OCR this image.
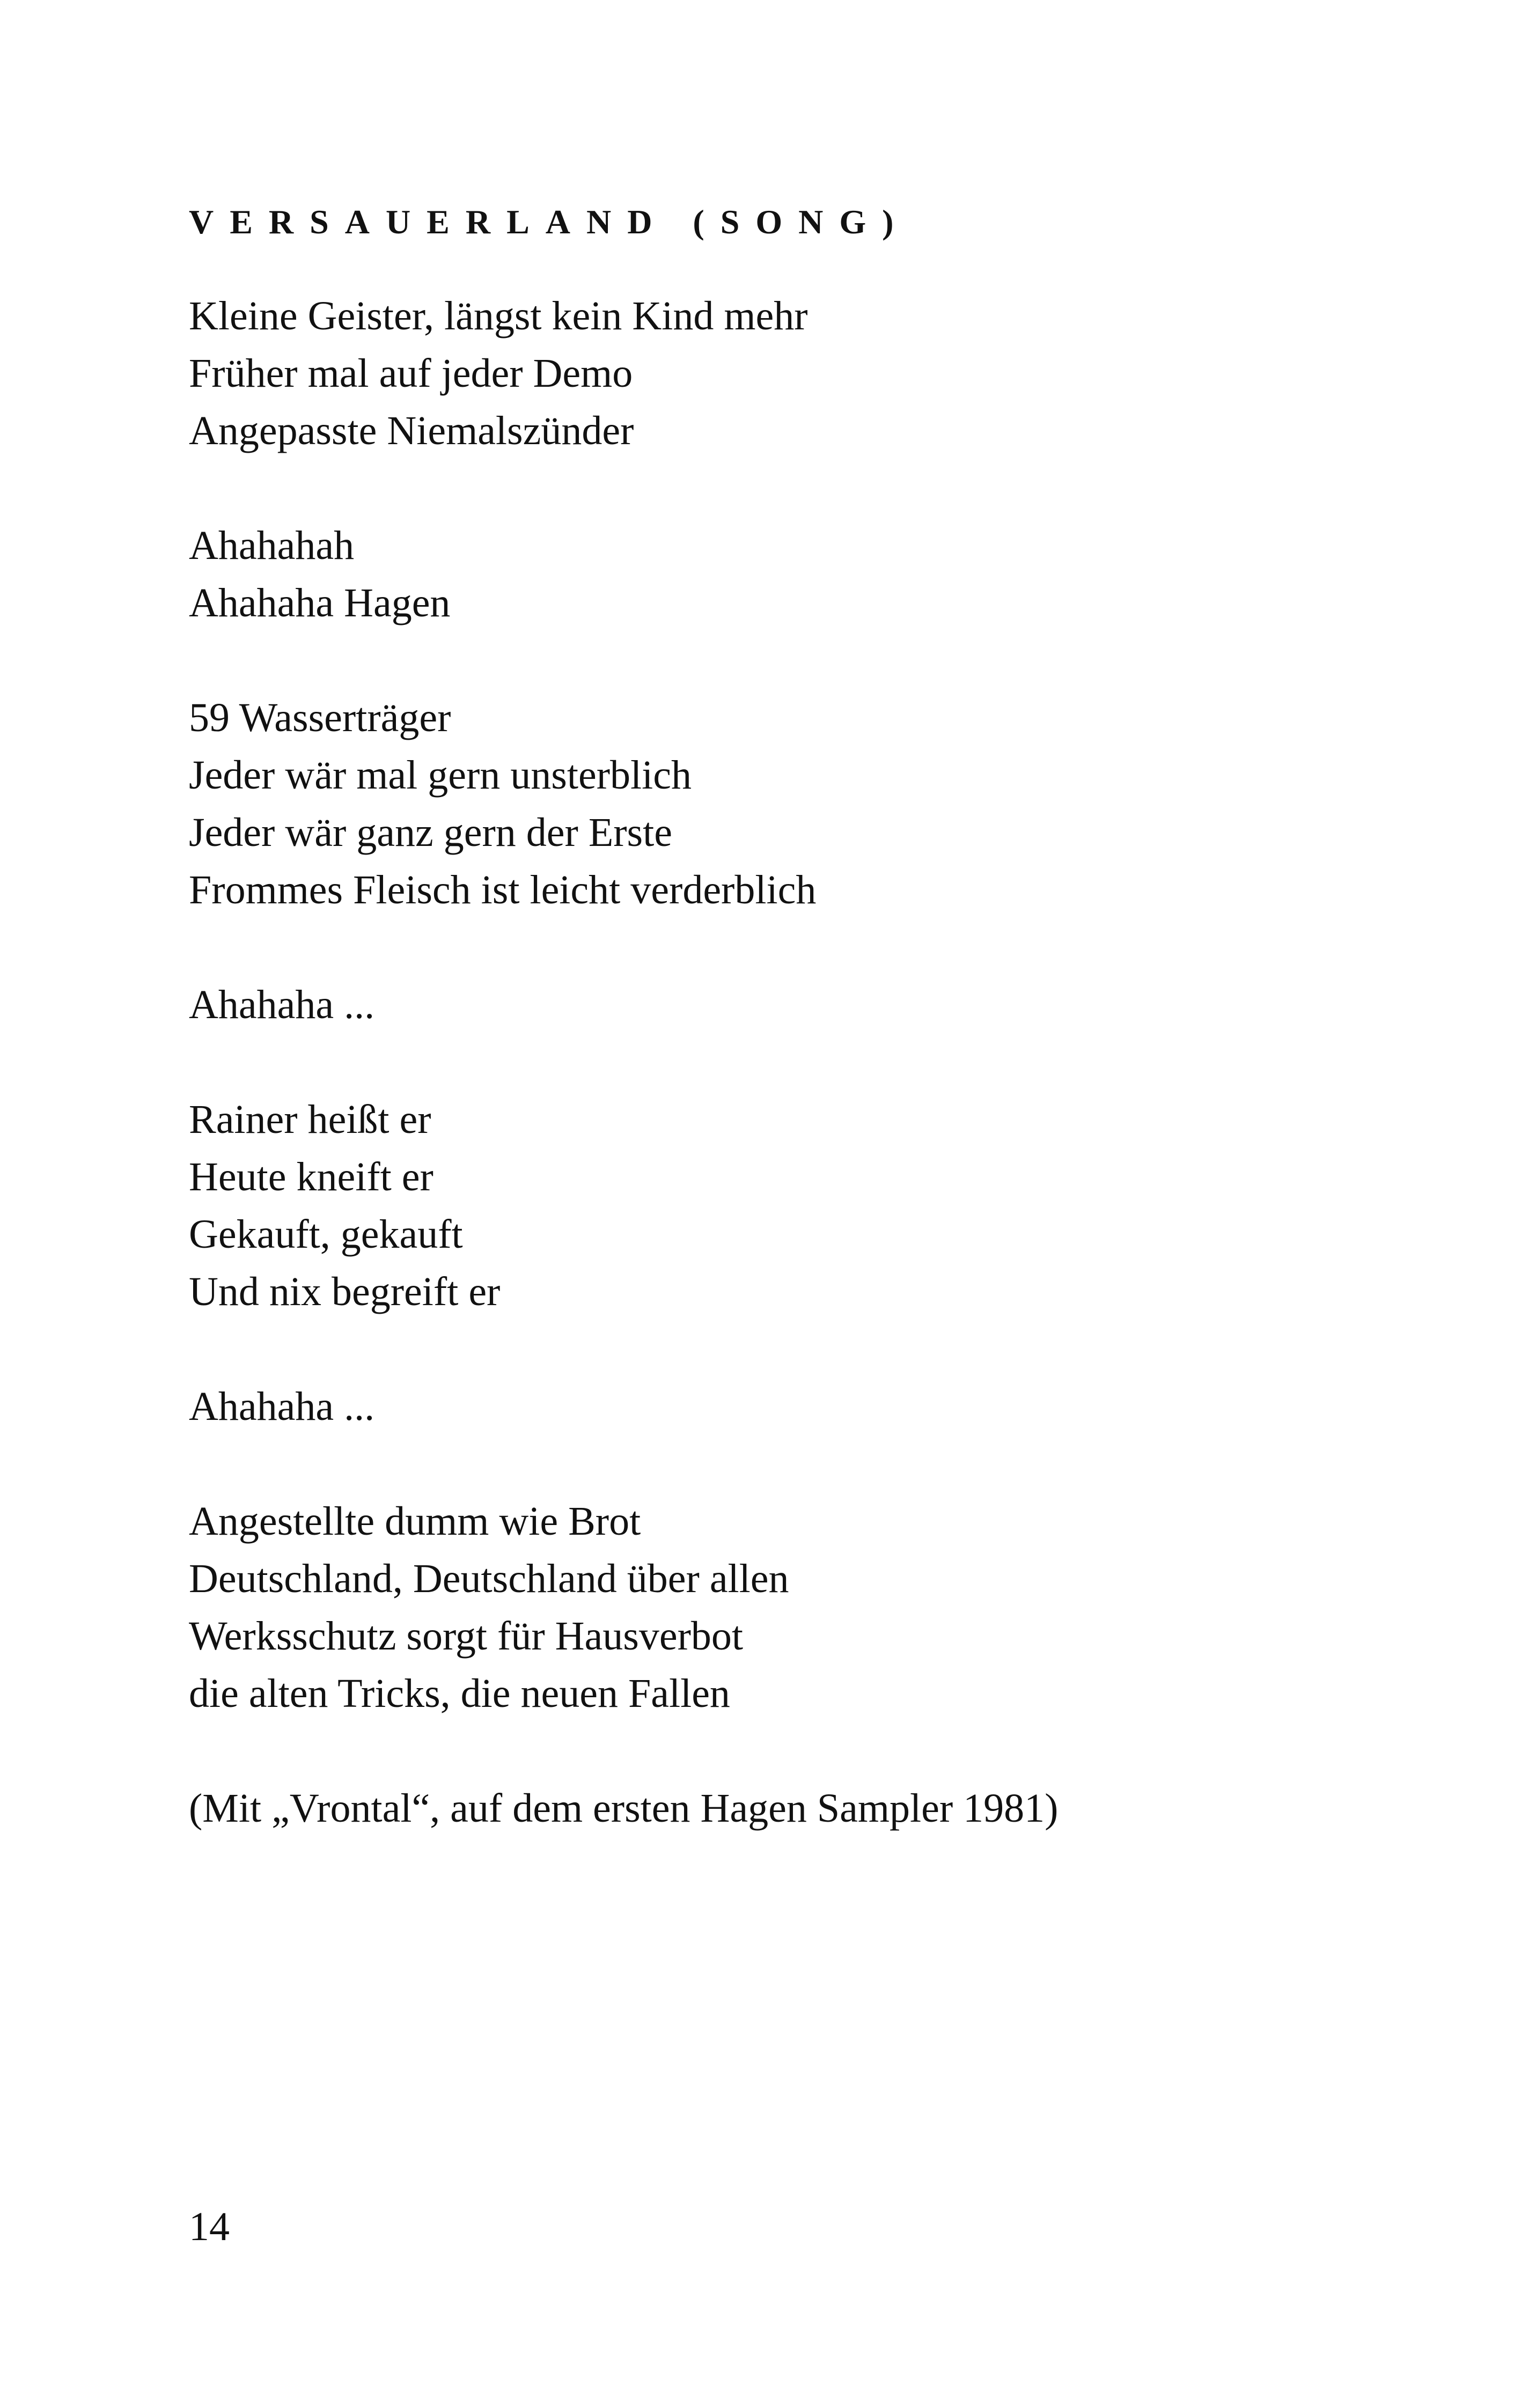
VERSAUERLAND (SONG)
Kleine Geister, längst kein Kind mehr
Früher mal auf jeder Demo
Angepasste Niemalszünder
Ahahahah
Ahahaha Hagen
59 Wasserträger
Jeder wär mal gern unsterblich
Jeder wär ganz gern der Erste
Frommes Fleisch ist leicht verderblich
Ahahaha ...
Rainer heißt er
Heute kneift er
Gekauft, gekauft
Und nix begreift er
Ahahaha ...
Angestellte dumm wie Brot
Deutschland, Deutschland über allen
Werksschutz sorgt für Hausverbot
die alten Tricks, die neuen Fallen
(Mit „Vrontal“, auf dem ersten Hagen Sampler 1981)
14
